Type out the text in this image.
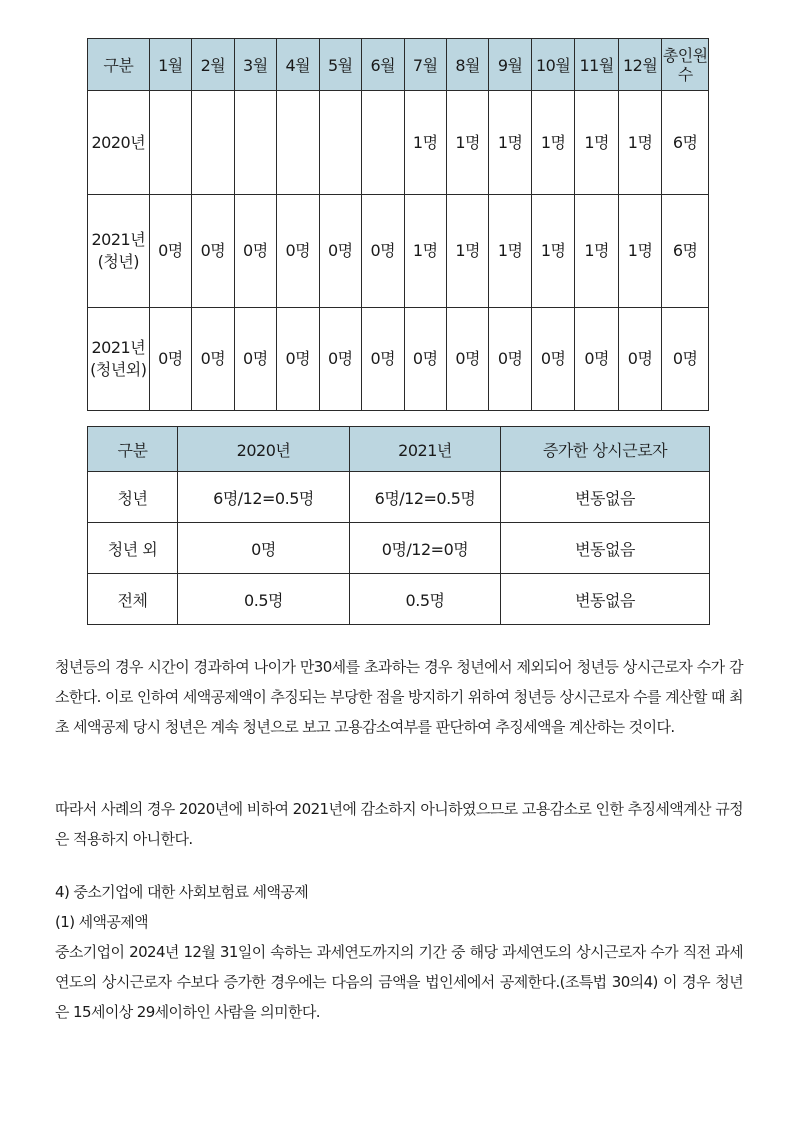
구분	1월	2월	3월	4월	5월	6월	7월	8월	9월	10월	11월	12월	총인원수
2020년							1명	1명	1명	1명	1명	1명	6명
2021년(청년)	0명	0명	0명	0명	0명	0명	1명	1명	1명	1명	1명	1명	6명
2021년(청년외)	0명	0명	0명	0명	0명	0명	0명	0명	0명	0명	0명	0명	0명
구분	2020년	2021년	증가한 상시근로자
청년	6명/12=0.5명	6명/12=0.5명	변동없음
청년 외	0명	0명/12=0명	변동없음
전체	0.5명	0.5명	변동없음

청년등의 경우 시간이 경과하여 나이가 만30세를 초과하는 경우 청년에서 제외되어 청년등 상시근로자 수가 감소한다. 이로 인하여 세액공제액이 추징되는 부당한 점을 방지하기 위하여 청년등 상시근로자 수를 계산할 때 최초 세액공제 당시 청년은 계속 청년으로 보고 고용감소여부를 판단하여 추징세액을 계산하는 것이다.

따라서 사례의 경우 2020년에 비하여 2021년에 감소하지 아니하였으므로 고용감소로 인한 추징세액계산 규정은 적용하지 아니한다.

4) 중소기업에 대한 사회보험료 세액공제

(1) 세액공제액

중소기업이 2024년 12월 31일이 속하는 과세연도까지의 기간 중 해당 과세연도의 상시근로자 수가 직전 과세연도의 상시근로자 수보다 증가한 경우에는 다음의 금액을 법인세에서 공제한다.(조특법 30의4) 이 경우 청년은 15세이상 29세이하인 사람을 의미한다.
